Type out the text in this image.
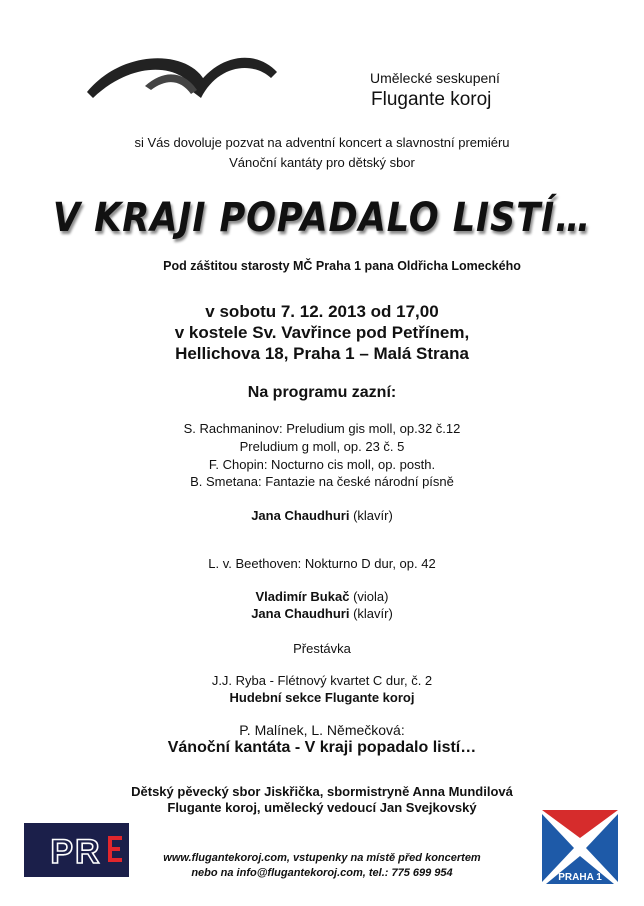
Umělecké seskupení
Flugante koroj
si Vás dovoluje pozvat na adventní koncert a slavnostní premiéru
Vánoční kantáty pro dětský sbor
V KRAJI POPADALO LISTÍ…
Pod záštitou starosty MČ Praha 1 pana Oldřicha Lomeckého
v sobotu 7. 12. 2013 od 17,00
v kostele Sv. Vavřince pod Petřínem,
Hellichova 18, Praha 1 – Malá Strana
Na programu zazní:
S. Rachmaninov: Preludium gis moll, op.32 č.12
Preludium g moll, op. 23 č. 5
F. Chopin: Nocturno cis moll, op. posth.
B. Smetana: Fantazie na české národní písně
Jana Chaudhuri (klavír)
L. v. Beethoven: Nokturno D dur, op. 42
Vladimír Bukač (viola)
Jana Chaudhuri (klavír)
Přestávka
J.J. Ryba - Flétnový kvartet C dur, č. 2
Hudební sekce Flugante koroj
P. Malínek, L. Němečková:
Vánoční kantáta - V kraji popadalo listí…
Dětský pěvecký sbor Jiskřička, sbormistryně Anna Mundilová
Flugante koroj, umělecký vedoucí Jan Svejkovský
PR	www.flugantekoroj.com, vstupenky na místě před koncertem
nebo na info@flugantekoroj.com, tel.: 775 699 954	PRAHA 1
